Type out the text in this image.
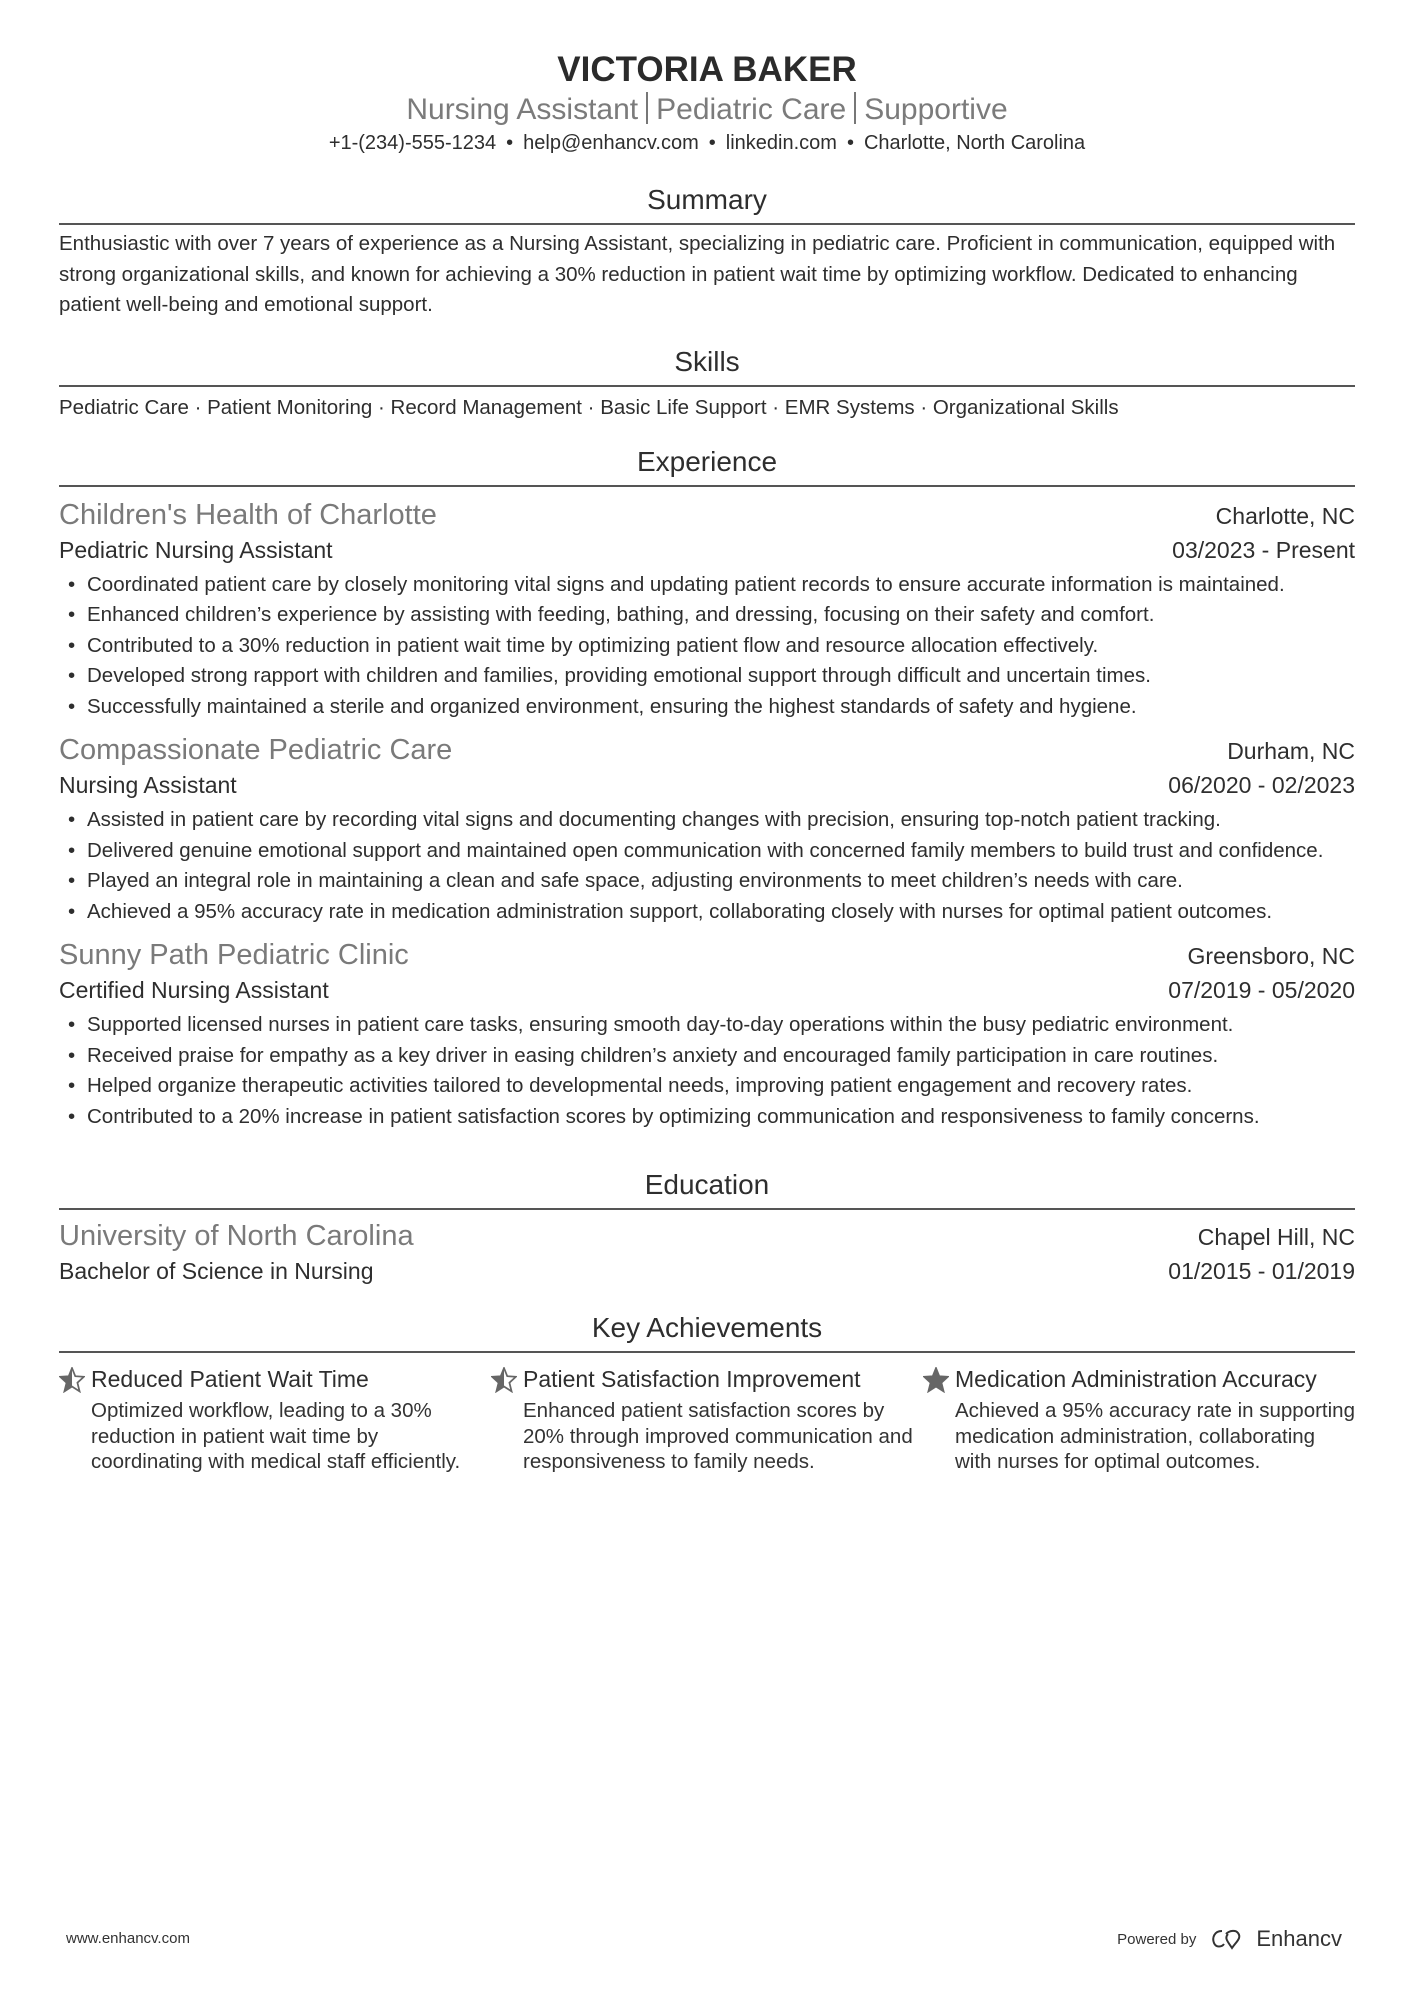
VICTORIA BAKER
Nursing Assistant Pediatric Care Supportive
+1-(234)-555-1234 • help@enhancv.com • linkedin.com • Charlotte, North Carolina
Summary
Enthusiastic with over 7 years of experience as a Nursing Assistant, specializing in pediatric care. Proficient in communication, equipped with strong organizational skills, and known for achieving a 30% reduction in patient wait time by optimizing workflow. Dedicated to enhancing patient well-being and emotional support.
Skills
Pediatric Care · Patient Monitoring · Record Management · Basic Life Support · EMR Systems · Organizational Skills
Experience
Children's Health of Charlotte	Charlotte, NC
Pediatric Nursing Assistant	03/2023 - Present
• Coordinated patient care by closely monitoring vital signs and updating patient records to ensure accurate information is maintained.
• Enhanced children’s experience by assisting with feeding, bathing, and dressing, focusing on their safety and comfort.
• Contributed to a 30% reduction in patient wait time by optimizing patient flow and resource allocation effectively.
• Developed strong rapport with children and families, providing emotional support through difficult and uncertain times.
• Successfully maintained a sterile and organized environment, ensuring the highest standards of safety and hygiene.
Compassionate Pediatric Care	Durham, NC
Nursing Assistant	06/2020 - 02/2023
• Assisted in patient care by recording vital signs and documenting changes with precision, ensuring top-notch patient tracking.
• Delivered genuine emotional support and maintained open communication with concerned family members to build trust and confidence.
• Played an integral role in maintaining a clean and safe space, adjusting environments to meet children’s needs with care.
• Achieved a 95% accuracy rate in medication administration support, collaborating closely with nurses for optimal patient outcomes.
Sunny Path Pediatric Clinic	Greensboro, NC
Certified Nursing Assistant	07/2019 - 05/2020
• Supported licensed nurses in patient care tasks, ensuring smooth day-to-day operations within the busy pediatric environment.
• Received praise for empathy as a key driver in easing children’s anxiety and encouraged family participation in care routines.
• Helped organize therapeutic activities tailored to developmental needs, improving patient engagement and recovery rates.
• Contributed to a 20% increase in patient satisfaction scores by optimizing communication and responsiveness to family concerns.
Education
University of North Carolina	Chapel Hill, NC
Bachelor of Science in Nursing	01/2015 - 01/2019
Key Achievements
Reduced Patient Wait Time
Optimized workflow, leading to a 30% reduction in patient wait time by coordinating with medical staff efficiently.
Patient Satisfaction Improvement
Enhanced patient satisfaction scores by 20% through improved communication and responsiveness to family needs.
Medication Administration Accuracy
Achieved a 95% accuracy rate in supporting medication administration, collaborating with nurses for optimal outcomes.
www.enhancv.com	Powered by	Enhancv
